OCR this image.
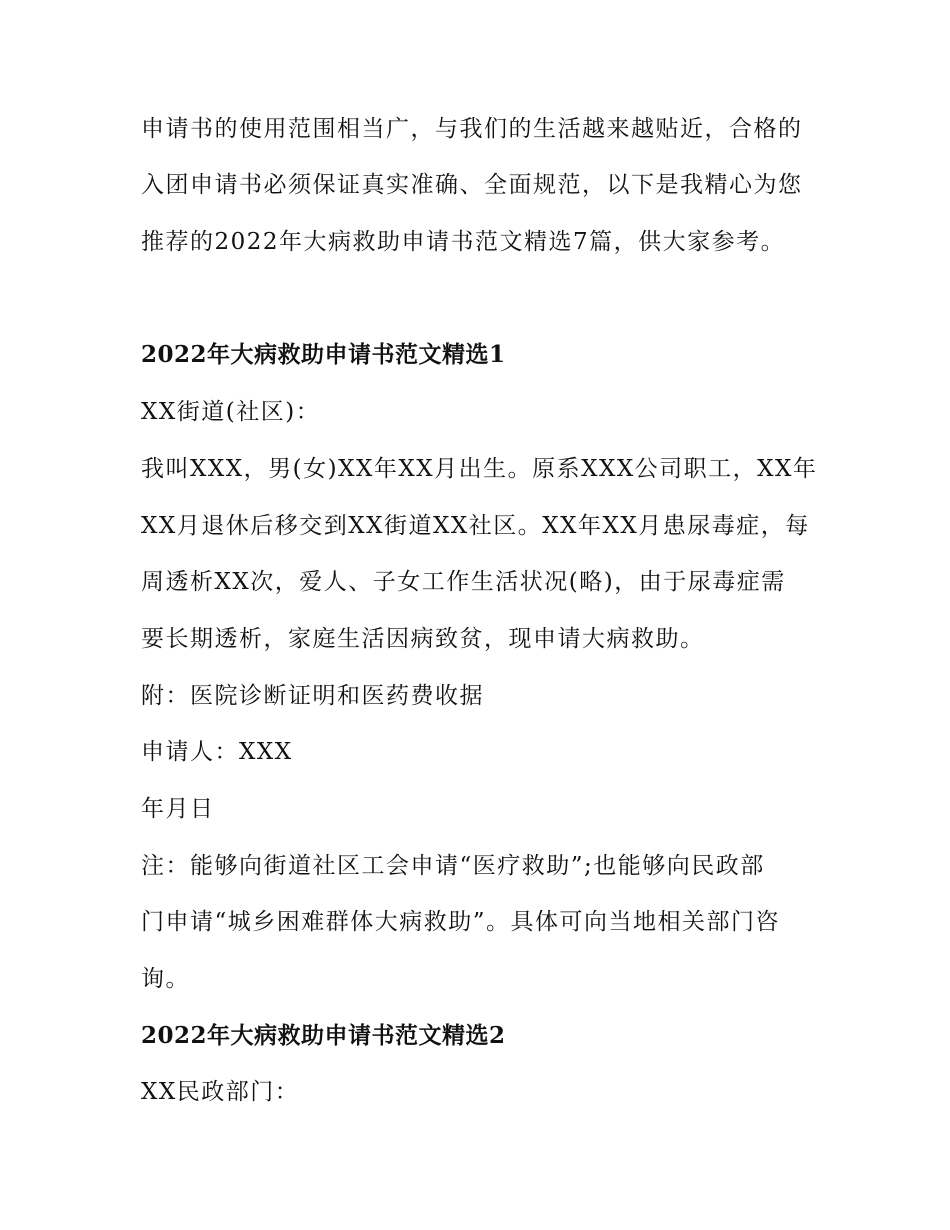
申请书的使用范围相当广，与我们的生活越来越贴近，合格的
入团申请书必须保证真实准确、全面规范，以下是我精心为您
推荐的2022年大病救助申请书范文精选7篇，供大家参考。
2022年大病救助申请书范文精选1
XX街道(社区)：
我叫XXX，男(女)XX年XX月出生。原系XXX公司职工，XX年
XX月退休后移交到XX街道XX社区。XX年XX月患尿毒症，每
周透析XX次，爱人、子女工作生活状况(略)，由于尿毒症需
要长期透析，家庭生活因病致贫，现申请大病救助。
附：医院诊断证明和医药费收据
申请人：XXX
年月日
注：能够向街道社区工会申请“医疗救助”;也能够向民政部
门申请“城乡困难群体大病救助”。具体可向当地相关部门咨
询。
2022年大病救助申请书范文精选2
XX民政部门：
